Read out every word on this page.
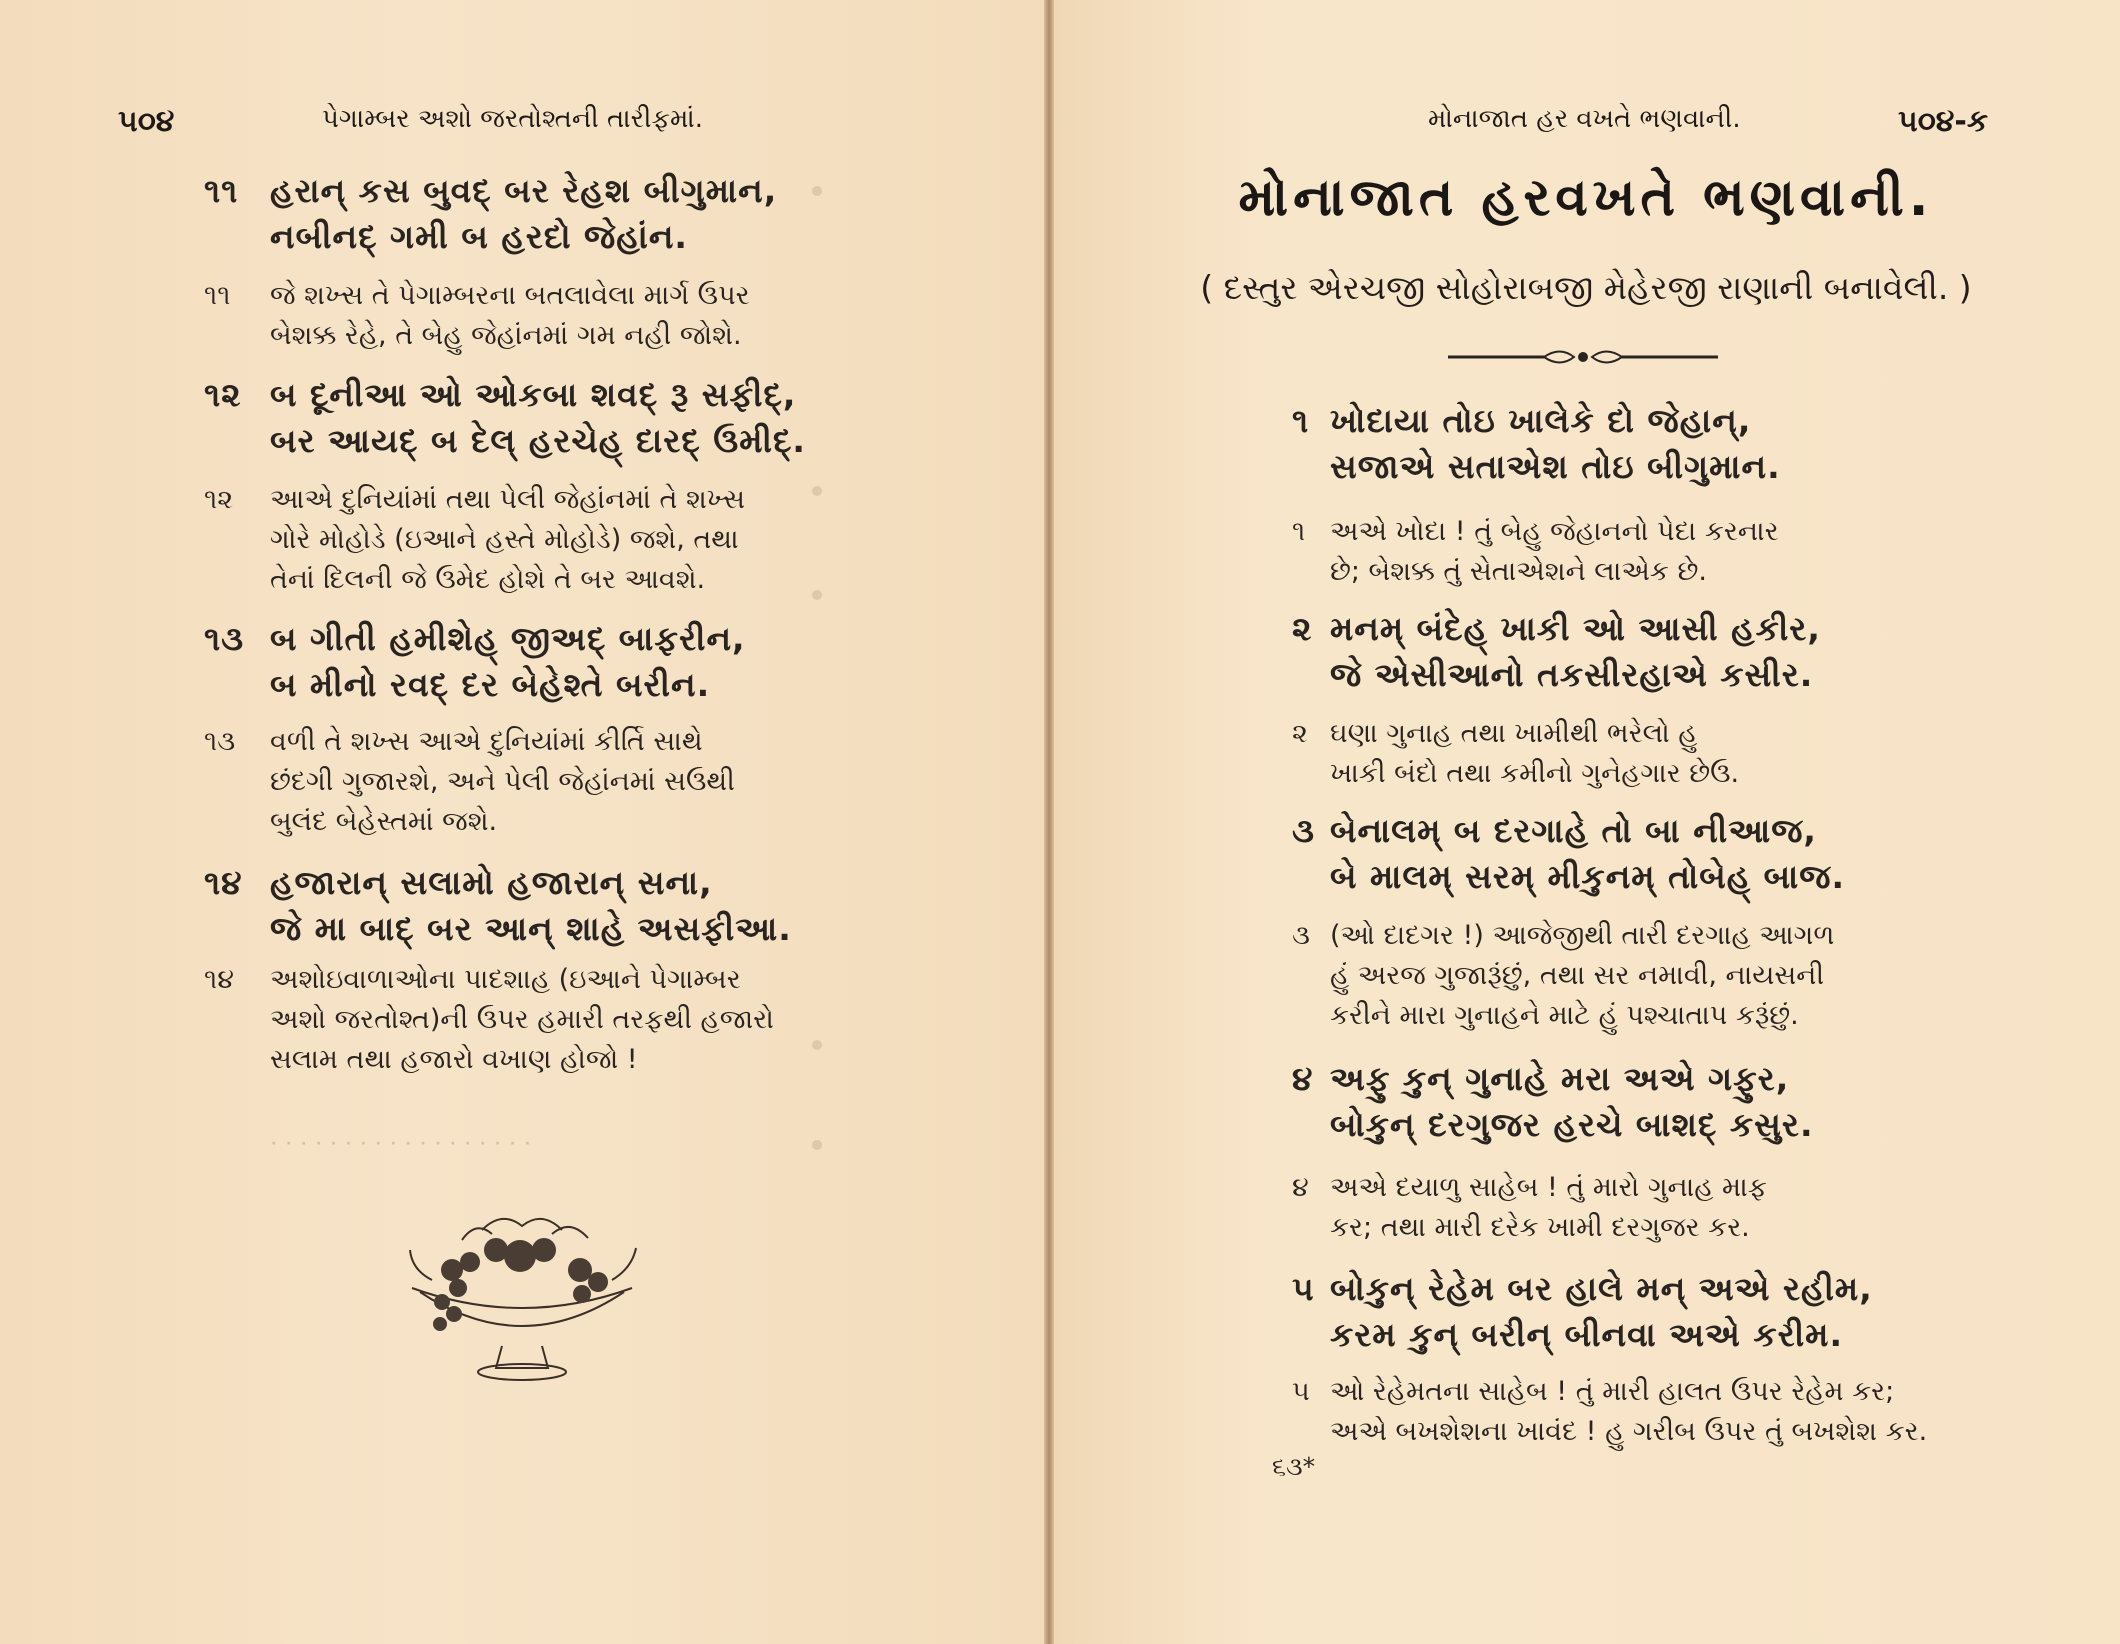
૫૦૪	પેગામ્બર અશો જરતોશ્તની તારીફમાં.
૧૧ હરાન્ કસ બુવદ્ બર રેહશ બીગુમાન,
નબીનદ્ ગમી બ હરદો જેહાંન.
૧૧ જે શખ્સ તે પેગામ્બરના બતલાવેલા માર્ગ ઉપર
બેશક્ક રેહે, તે બેહુ જેહાંનમાં ગમ નહી જોશે.
૧૨ બ દૂનીઆ ઓ ઓકબા શવદ્ રૂ સફીદ્,
બર આયદ્ બ દેલ્ હરચેહ્ દારદ્ ઉમીદ્.
૧૨ આએ દુનિયાંમાં તથા પેલી જેહાંનમાં તે શખ્સ
ગોરે મોહોડે (ઇઆને હસ્તે મોહોડે) જશે, તથા
તેનાં દિલની જે ઉમેદ હોશે તે બર આવશે.
૧૩ બ ગીતી હમીશેહ્ જીઅદ્ બાફરીન,
બ મીનો રવદ્ દર બેહેશ્તે બરીન.
૧૩ વળી તે શખ્સ આએ દુનિયાંમાં કીર્તિ સાથે
છંદગી ગુજારશે, અને પેલી જેહાંનમાં સઉથી
બુલંદ બેહેસ્તમાં જશે.
૧૪ હજારાન્ સલામો હજારાન્ સના,
જે મા બાદ્ બર આન્ શાહે અસફીઆ.
૧૪ અશોઇવાળાઓના પાદશાહ (ઇઆને પેગામ્બર
અશો જરતોશ્ત)ની ઉપર હમારી તરફથી હજારો
સલામ તથા હજારો વખાણ હોજો !
ᐧ ᐧ ᐧ ᐧ ᐧ ᐧ ᐧ ᐧ ᐧ ᐧ ᐧ ᐧ ᐧ ᐧ ᐧ ᐧ ᐧ ᐧ
મોનાજાત હર વખતે ભણવાની.	૫૦૪-ક
મોનાજાત હરવખતે ભણવાની.
( દસ્તુર એરચજી સોહોરાબજી મેહેરજી રાણાની બનાવેલી. )
૧ ખોદાયા તોઇ ખાલેકે દો જેહાન્,
સજાએ સતાએશ તોઇ બીગુમાન.
૧ અએ ખોદા ! તું બેહુ જેહાનનો પેદા કરનાર
છે; બેશક્ક તું સેતાએશને લાએક છે.
૨ મનમ્ બંદેહ્ ખાકી ઓ આસી હકીર,
જે એસીઆનો તકસીરહાએ કસીર.
૨ ઘણા ગુનાહ તથા ખામીથી ભરેલો હુ
ખાકી બંદો તથા કમીનો ગુનેહગાર છેઉ.
૩ બેનાલમ્ બ દરગાહે તો બા નીઆજ,
બે માલમ્ સરમ્ મીકુનમ્ તોબેહ્ બાજ.
૩ (ઓ દાદગર !) આજેજીથી તારી દરગાહ આગળ
હું અરજ ગુજારૂંછું, તથા સર નમાવી, નાયસની
કરીને મારા ગુનાહને માટે હું પશ્ચાતાપ કરૂંછું.
૪ અફુ કુન્ ગુનાહે મરા અએ ગફુર,
બોકુન્ દરગુજર હરચે બાશદ્ કસુર.
૪ અએ દયાળુ સાહેબ ! તું મારો ગુનાહ માફ
કર; તથા મારી દરેક ખામી દરગુજર કર.
૫ બોકુન્ રેહેમ બર હાલે મન્ અએ રહીમ,
કરમ કુન્ બરીન્ બીનવા અએ કરીમ.
૫ ઓ રેહેમતના સાહેબ ! તું મારી હાલત ઉપર રેહેમ કર;
અએ બખશેશના ખાવંદ ! હુ ગરીબ ઉપર તું બખશેશ કર.
૬૩*
